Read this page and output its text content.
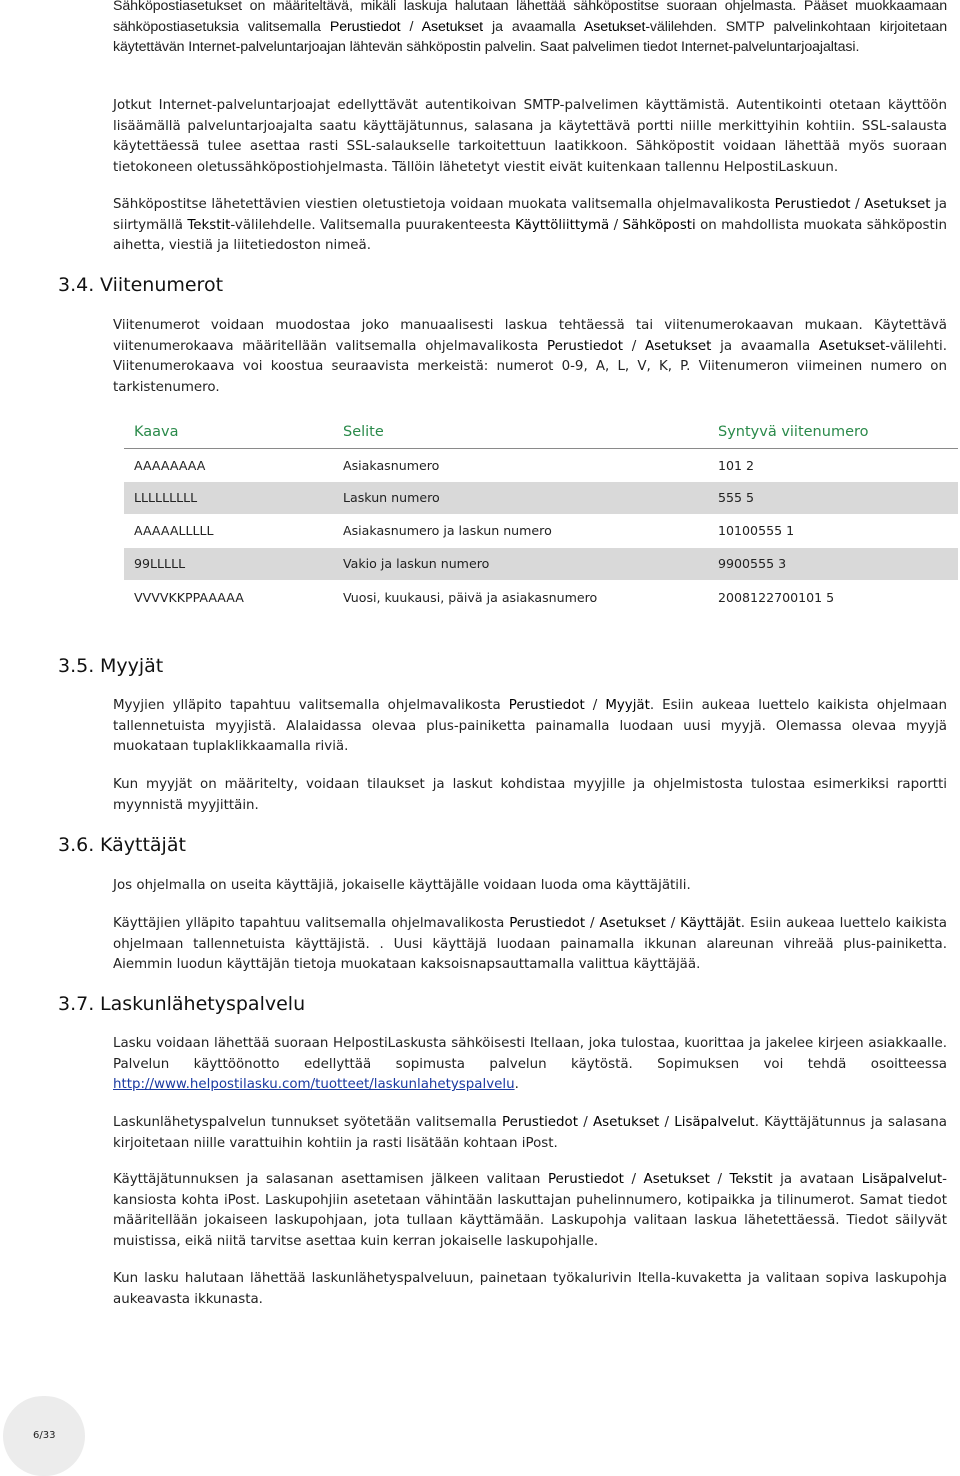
Sähköpostiasetukset on määriteltävä, mikäli laskuja halutaan lähettää sähköpostitse suoraan ohjelmasta. Pääset muokkaamaan sähköpostiasetuksia valitsemalla Perustiedot / Asetukset ja avaamalla Asetukset-välilehden. SMTP palvelinkohtaan kirjoitetaan käytettävän Internet-palveluntarjoajan lähtevän sähköpostin palvelin. Saat palvelimen tiedot Internet-palveluntarjoajaltasi.

Jotkut Internet-palveluntarjoajat edellyttävät autentikoivan SMTP-palvelimen käyttämistä. Autentikointi otetaan käyttöön lisäämällä palveluntarjoajalta saatu käyttäjätunnus, salasana ja käytettävä portti niille merkittyihin kohtiin. SSL-salausta käytettäessä tulee asettaa rasti SSL-salaukselle tarkoitettuun laatikkoon. Sähköpostit voidaan lähettää myös suoraan tietokoneen oletussähköpostiohjelmasta. Tällöin lähetetyt viestit eivät kuitenkaan tallennu HelpostiLaskuun.

Sähköpostitse lähetettävien viestien oletustietoja voidaan muokata valitsemalla ohjelmavalikosta Perustiedot / Asetukset ja siirtymällä Tekstit-välilehdelle. Valitsemalla puurakenteesta Käyttöliittymä / Sähköposti on mahdollista muokata sähköpostin aihetta, viestiä ja liitetiedoston nimeä.

3.4. Viitenumerot

Viitenumerot voidaan muodostaa joko manuaalisesti laskua tehtäessä tai viitenumerokaavan mukaan. Käytettävä viitenumerokaava määritellään valitsemalla ohjelmavalikosta Perustiedot / Asetukset ja avaamalla Asetukset-välilehti. Viitenumerokaava voi koostua seuraavista merkeistä: numerot 0-9, A, L, V, K, P. Viitenumeron viimeinen numero on tarkistenumero.

Kaava	Selite	Syntyvä viitenumero
AAAAAAAA	Asiakasnumero	101 2
LLLLLLLLL	Laskun numero	555 5
AAAAALLLLL	Asiakasnumero ja laskun numero	10100555 1
99LLLLL	Vakio ja laskun numero	9900555 3
VVVVKKPPAAAAA	Vuosi, kuukausi, päivä ja asiakasnumero	2008122700101 5
3.5. Myyjät

Myyjien ylläpito tapahtuu valitsemalla ohjelmavalikosta Perustiedot / Myyjät. Esiin aukeaa luettelo kaikista ohjelmaan tallennetuista myyjistä. Alalaidassa olevaa plus-painiketta painamalla luodaan uusi myyjä. Olemassa olevaa myyjä muokataan tuplaklikkaamalla riviä.

Kun myyjät on määritelty, voidaan tilaukset ja laskut kohdistaa myyjille ja ohjelmistosta tulostaa esimerkiksi raportti myynnistä myyjittäin.

3.6. Käyttäjät

Jos ohjelmalla on useita käyttäjiä, jokaiselle käyttäjälle voidaan luoda oma käyttäjätili.

Käyttäjien ylläpito tapahtuu valitsemalla ohjelmavalikosta Perustiedot / Asetukset / Käyttäjät. Esiin aukeaa luettelo kaikista ohjelmaan tallennetuista käyttäjistä. . Uusi käyttäjä luodaan painamalla ikkunan alareunan vihreää plus-painiketta. Aiemmin luodun käyttäjän tietoja muokataan kaksoisnapsauttamalla valittua käyttäjää.

3.7. Laskunlähetyspalvelu

Lasku voidaan lähettää suoraan HelpostiLaskusta sähköisesti Itellaan, joka tulostaa, kuorittaa ja jakelee kirjeen asiakkaalle. Palvelun käyttöönotto edellyttää sopimusta palvelun käytöstä. Sopimuksen voi tehdä osoitteessa http://www.helpostilasku.com/tuotteet/laskunlahetyspalvelu.

Laskunlähetyspalvelun tunnukset syötetään valitsemalla Perustiedot / Asetukset / Lisäpalvelut. Käyttäjätunnus ja salasana kirjoitetaan niille varattuihin kohtiin ja rasti lisätään kohtaan iPost.

Käyttäjätunnuksen ja salasanan asettamisen jälkeen valitaan Perustiedot / Asetukset / Tekstit ja avataan Lisäpalvelut-kansiosta kohta iPost. Laskupohjiin asetetaan vähintään laskuttajan puhelinnumero, kotipaikka ja tilinumerot. Samat tiedot määritellään jokaiseen laskupohjaan, jota tullaan käyttämään. Laskupohja valitaan laskua lähetettäessä. Tiedot säilyvät muistissa, eikä niitä tarvitse asettaa kuin kerran jokaiselle laskupohjalle.

Kun lasku halutaan lähettää laskunlähetyspalveluun, painetaan työkalurivin Itella-kuvaketta ja valitaan sopiva laskupohja aukeavasta ikkunasta.

6/33
